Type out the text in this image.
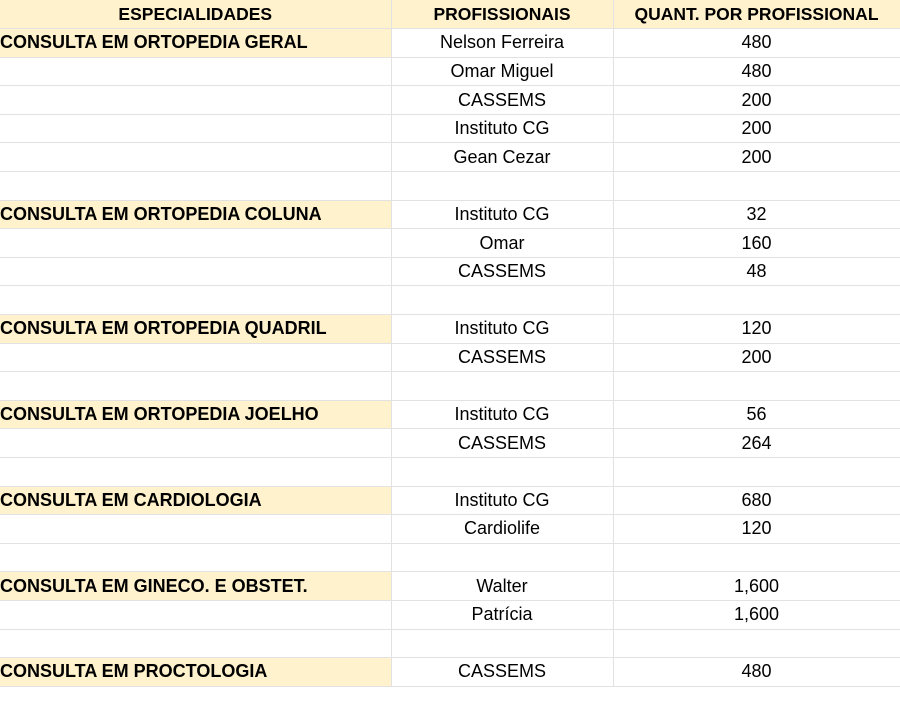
ESPECIALIDADES	PROFISSIONAIS	QUANT. POR PROFISSIONAL
CONSULTA EM ORTOPEDIA GERAL	Nelson Ferreira	480
	Omar Miguel	480
	CASSEMS	200
	Instituto CG	200
	Gean Cezar	200

CONSULTA EM ORTOPEDIA COLUNA	Instituto CG	32
	Omar	160
	CASSEMS	48

CONSULTA EM ORTOPEDIA QUADRIL	Instituto CG	120
	CASSEMS	200

CONSULTA EM ORTOPEDIA JOELHO	Instituto CG	56
	CASSEMS	264

CONSULTA EM CARDIOLOGIA	Instituto CG	680
	Cardiolife	120

CONSULTA EM GINECO. E OBSTET.	Walter	1,600
	Patrícia	1,600

CONSULTA EM PROCTOLOGIA	CASSEMS	480
